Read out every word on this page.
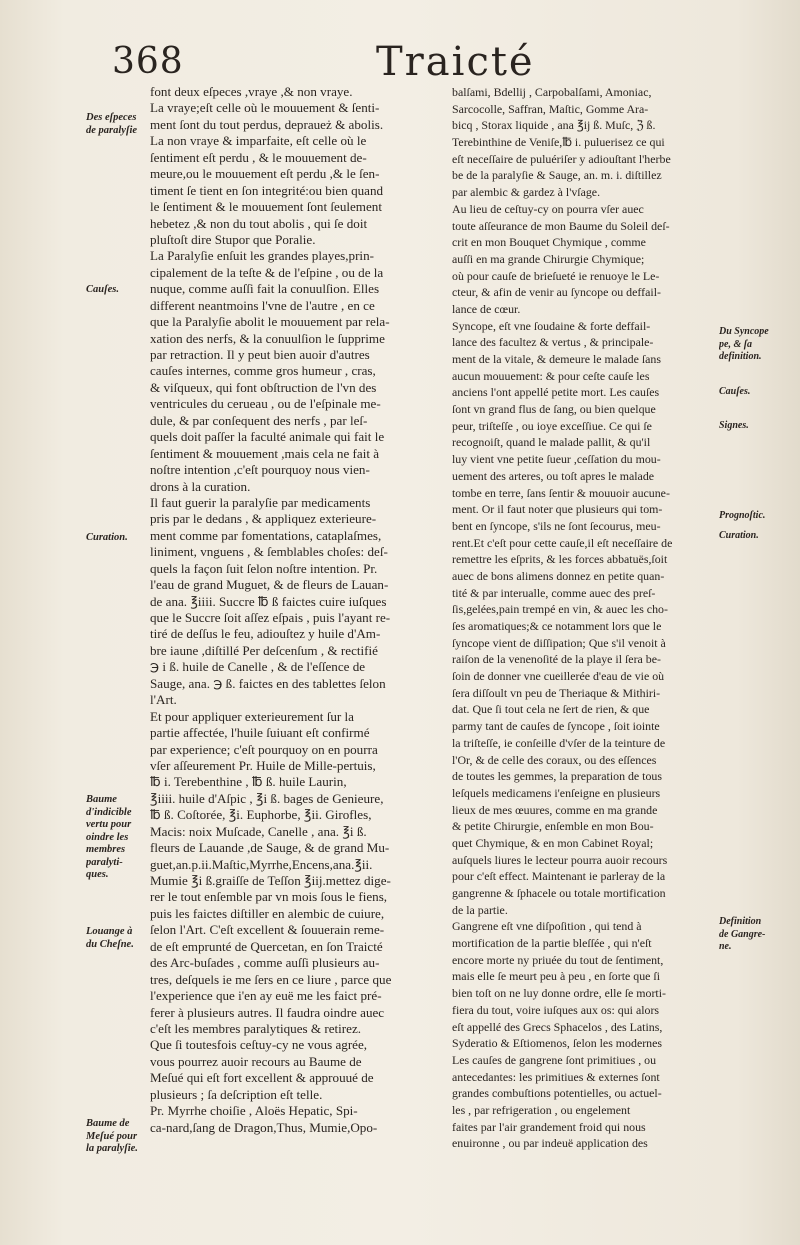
368	Traicté
font deux eſpeces ,vraye ,& non vraye.
La vraye;eſt celle où le mouuement & ſenti-
ment ſont du tout perdus, depraueż & abolis.
La non vraye & imparfaite, eſt celle où le
ſentiment eſt perdu , & le mouuement de-
meure,ou le mouuement eſt perdu ,& le ſen-
timent ſe tient en ſon integrité:ou bien quand
le ſentiment & le mouuement ſont ſeulement
hebetez ,& non du tout abolis , qui ſe doit
pluſtoſt dire Stupor que Poralie.
La Paralyſie enſuit les grandes playes,prin-
cipalement de la teſte & de l'eſpine , ou de la
nuque, comme auſſi fait la conuulſion. Elles
different neantmoins l'vne de l'autre , en ce
que la Paralyſie abolit le mouuement par rela-
xation des nerfs, & la conuulſion le ſupprime
par retraction. Il y peut bien auoir d'autres
cauſes internes, comme gros humeur , cras,
& viſqueux, qui font obſtruction de l'vn des
ventricules du cerueau , ou de l'eſpinale me-
dule, & par conſequent des nerfs , par leſ-
quels doit paſſer la faculté animale qui fait le
ſentiment & mouuement ,mais cela ne fait à
noſtre intention ,c'eſt pourquoy nous vien-
drons à la curation.
Il faut guerir la paralyſie par medicaments
pris par le dedans , & appliquez exterieure-
ment comme par fomentations, cataplaſmes,
liniment, vnguens , & ſemblables choſes: deſ-
quels la façon ſuit ſelon noſtre intention. Pr.
l'eau de grand Muguet, & de fleurs de Lauan-
de ana. ℥iiii. Succre ℔ ß faictes cuire iuſques
que le Succre ſoit aſſez eſpais , puis l'ayant re-
tiré de deſſus le feu, adiouſtez y huile d'Am-
bre iaune ,diſtillé Per deſcenſum , & rectifié
℈ i ß. huile de Canelle , & de l'eſſence de
Sauge, ana. ℈ ß. faictes en des tablettes ſelon
l'Art.
Et pour appliquer exterieurement ſur la
partie affectée, l'huile ſuiuant eſt confirmé
par experience; c'eſt pourquoy on en pourra
vſer aſſeurement Pr. Huile de Mille-pertuis,
℔ i. Terebenthine , ℔ ß. huile Laurin,
℥iiii. huile d'Aſpic , ℥i ß. bages de Genieure,
℔ ß. Coſtorée, ℥i. Euphorbe, ℥ii. Girofles,
Macis: noix Muſcade, Canelle , ana. ℥i ß.
fleurs de Lauande ,de Sauge, & de grand Mu-
guet,an.p.ii.Maſtic,Myrrhe,Encens,ana.℥ii.
Mumie ℥i ß.graiſſe de Teſſon ℥iij.mettez dige-
rer le tout enſemble par vn mois ſous le fiens,
puis les faictes diſtiller en alembic de cuiure,
ſelon l'Art. C'eſt excellent & ſouuerain reme-
de eſt emprunté de Quercetan, en ſon Traicté
des Arc-buſades , comme auſſi plusieurs au-
tres, deſquels ie me ſers en ce liure , parce que
l'experience que i'en ay euë me les faict pré-
ferer à plusieurs autres. Il faudra oindre auec
c'eſt les membres paralytiques & retirez.
Que ſi toutesfois ceſtuy-cy ne vous agrée,
vous pourrez auoir recours au Baume de
Meſué qui eſt fort excellent & approuué de
plusieurs ; ſa deſcription eſt telle.
Pr. Myrrhe choiſie , Aloës Hepatic, Spi-
ca-nard,ſang de Dragon,Thus, Mumie,Opo-
balſami, Bdellij , Carpobalſami, Amoniac,
Sarcocolle, Saffran, Maſtic, Gomme Ara-
bicq , Storax liquide , ana ℥ij ß. Muſc, ℨ ß.
Terebinthine de Veniſe,℔ i. puluerisez ce qui
eſt neceſſaire de puluériſer y adiouſtant l'herbe
be de la paralyſie & Sauge, an. m. i. diſtillez
par alembic & gardez à l'vſage.
Au lieu de ceſtuy-cy on pourra vſer auec
toute aſſeurance de mon Baume du Soleil deſ-
crit en mon Bouquet Chymique , comme
auſſi en ma grande Chirurgie Chymique;
où pour cauſe de brieſueté ie renuoye le Le-
cteur, & afin de venir au ſyncope ou deffail-
lance de cœur.
Syncope, eſt vne ſoudaine & forte deffail-
lance des facultez & vertus , & principale-
ment de la vitale, & demeure le malade ſans
aucun mouuement: & pour ceſte cauſe les
anciens l'ont appellé petite mort. Les cauſes
ſont vn grand flus de ſang, ou bien quelque
peur, triſteſſe , ou ioye exceſſiue. Ce qui ſe
recognoiſt, quand le malade pallit, & qu'il
luy vient vne petite ſueur ,ceſſation du mou-
uement des arteres, ou toſt apres le malade
tombe en terre, ſans ſentir & mouuoir aucune-
ment. Or il faut noter que plusieurs qui tom-
bent en ſyncope, s'ils ne ſont ſecourus, meu-
rent.Et c'eſt pour cette cauſe,il eſt neceſſaire de
remettre les eſprits, & les forces abbatuës,ſoit
auec de bons alimens donnez en petite quan-
tité & par interualle, comme auec des preſ-
ſis,gelées,pain trempé en vin, & auec les cho-
ſes aromatiques;& ce notamment lors que le
ſyncope vient de diſſipation; Que s'il venoit à
raiſon de la venenoſité de la playe il ſera be-
ſoin de donner vne cueillerée d'eau de vie où
ſera diſſoult vn peu de Theriaque & Mithiri-
dat. Que ſi tout cela ne ſert de rien, & que
parmy tant de cauſes de ſyncope , ſoit iointe
la triſteſſe, ie conſeille d'vſer de la teinture de
l'Or, & de celle des coraux, ou des eſſences
de toutes les gemmes, la preparation de tous
leſquels medicamens i'enſeigne en plusieurs
lieux de mes œuures, comme en ma grande
& petite Chirurgie, enſemble en mon Bou-
quet Chymique, & en mon Cabinet Royal;
auſquels liures le lecteur pourra auoir recours
pour c'eſt effect. Maintenant ie parleray de la
gangrenne & ſphacele ou totale mortification
de la partie.
Gangrene eſt vne diſpoſition , qui tend à
mortification de la partie bleſſée , qui n'eſt
encore morte ny priuée du tout de ſentiment,
mais elle ſe meurt peu à peu , en ſorte que ſi
bien toſt on ne luy donne ordre, elle ſe morti-
fiera du tout, voire iuſques aux os: qui alors
eſt appellé des Grecs Sphacelos , des Latins,
Syderatio & Eſtiomenos, ſelon les modernes
Les cauſes de gangrene ſont primitiues , ou
antecedantes: les primitiues & externes ſont
grandes combuſtions potentielles, ou actuel-
les , par refrigeration , ou engelement
faites par l'air grandement froid qui nous
enuironne , ou par indeuë application des
Des eſpeces
de paralyſie
Cauſes.
Curation.
Baume
d'indicible
vertu pour
oindre les
membres
paralyti-
ques.
Louange à
du Cheſne.
Baume de
Meſué pour
la paralyſie.
Du Syncope
pe, & ſa
definition.
Cauſes.
Signes.
Prognoſtic.
Curation.
Definition
de Gangre-
ne.
